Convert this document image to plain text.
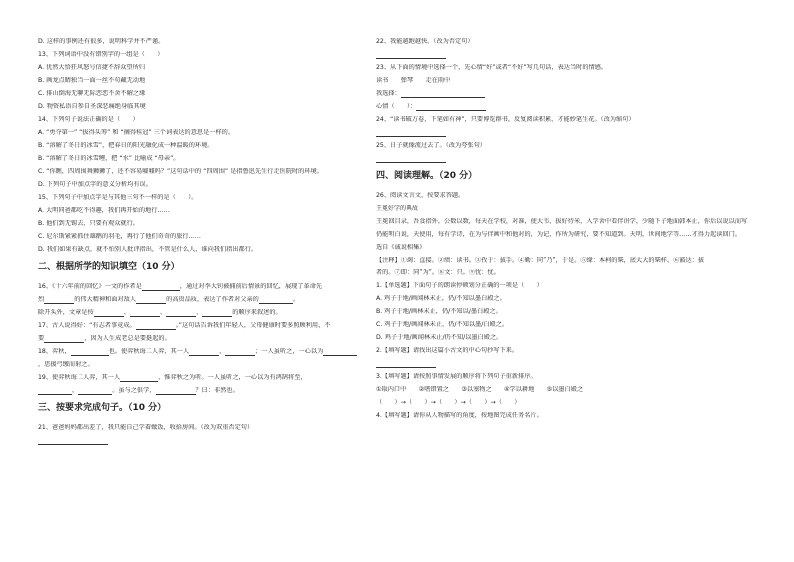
D. 这样的事例还有很多，说明科学并不严谨。
13、下列词语中没有错别字的一组是（　　）
A. 优然大悟狂风怒号信捷不辞众望所归
B. 画龙点睛独当一面一丝不苟藏无动地
C. 排山倒海无聊无际恋恋不舍不解之缘
D. 物资私语自参自圣深恶痛绝身临其境
14、下列句子说法正确的是（　　）
A. “勇夺第一” “拔得头筹” 和 “摘得桂冠” 三个词表达的意思是一样的。
B. “溶解了冬日的冰雪”，把春日的阳光融化成一种温暖的环境。
B. “溶解了冬日的冰雪鲤，把 “水” 比喻成 “母亲”。
C. “你瞧，四周围舞狮狮了，还不容易嘘嘘吗？”这句话中的 “四周围” 是指鲁迅先生行走医院时的环境。
D. 下列句子中加点字的意义分析均有误。
15、下列句子中加点字是与其他三句不一样的是（　　）。
A. 大明同爸都吃不得趣，我们再开始的地行……
B. 他们到无锡去，只要有观众就行。
C. 尼尔斯紧紧抓住雄鹅的羽毛，再行了他们奇奇的旅行……
D. 我们如果有缺点，就不怕别人批评指出，不管是什么人，谁向我们指出都行。
二、根据所学的知识填空（10 分）
16、《十六年前的回忆》一文的作者是	，通过对李大钊被捕前后情景的回忆，展现了革命先
烈	的伟大精神和面对敌人	的高贵品质，表达了作者对父亲的	。
除开头外，文章是按	、	、	、	的顺序来叙述的。
17、古人说得好：“有志者事竟成。	。”这句话告诉我们年轻人，父母健康时要多照顾利用，不
要	，因为人生成老总是要挺起的。
18、弈秋，	也。使弈秋诲二人弈，其一人	，	；一人虽听之，一心以为
，思援弓缴而射之。
19、使弈秋诲二人弈，其一人	，惟弈秋之为听。一人虽听之，一心以为有鸿鹄将至，
，	。虽与之俱学，	？曰：非然也。
三、按要求完成句子。（10 分）
21、爸爸妈妈都出差了，我只能自己学着做饭，收拾房间。（改为双重否定句）
22、我能越跑越快。（改为否定句）
23、从下面的情境中选择一个，先心情“好”或者“不好”写几句话，表达当时的情感。
读书　　弹琴　　走在雨中
我选择：
心情（　　）：
24、“读书破万卷，下笔如有神”，只要博览群书，反复阅读积累，才能妙笔生花。（改为缩句）
25、日子就像流过去了。（改为夸张句）
四、阅读理解。（20 分）
26、阅读文言文，按要求答题。
王冕好学的典故
王冕回目录，吾食指外，公数以数，每天在学校，对准，使大韦，拔好待米，入学舍中看伴讲学，少随下子地面韩本止，你后以说以而写
仍能明白说，天使用，每有学诗，在为与伴画中和他对的，为记，作所为研究，要不知道到。天明，世间地学等……才得力起读回门。
选自《诚说相集》
【注释】①竭：直接。②绩：读书。③孜于：拔手。④勤：同“乃”，于是。⑤缘：本柯的柴，底大大的柴样。⑥豁达：拔
者的。⑦即：同“为”。⑧文：只。⑨忧：忧。
1.【单选题】下面句子的朗读停顿划分正确的一项是（　　）
A. 鸡子于地/画闻林未止，仍/不知以墨白殿之。
B. 鸡子于地/画林未止，仍/不知以/墨白殿之。
C. 鸡子于地/画闻林未止，仍/不知以墨/白殿之。
D. 鸡子于地/画闻林未止/仍不知/以墨白殿之。
2.【填写题】请找出这篇小古文的中心句抄写下来。
3.【填写题】请按照事情发展的顺序将下列句子重新排序。
①取内口中　　②嗜错置之　　③以塞物之　　④学以耕地　　⑤以墨白殿之
（　　）→（　　）→（　　）→（　　）→（　　）
4.【填写题】请你从人物描写的角度，按地图完成任务名片。
